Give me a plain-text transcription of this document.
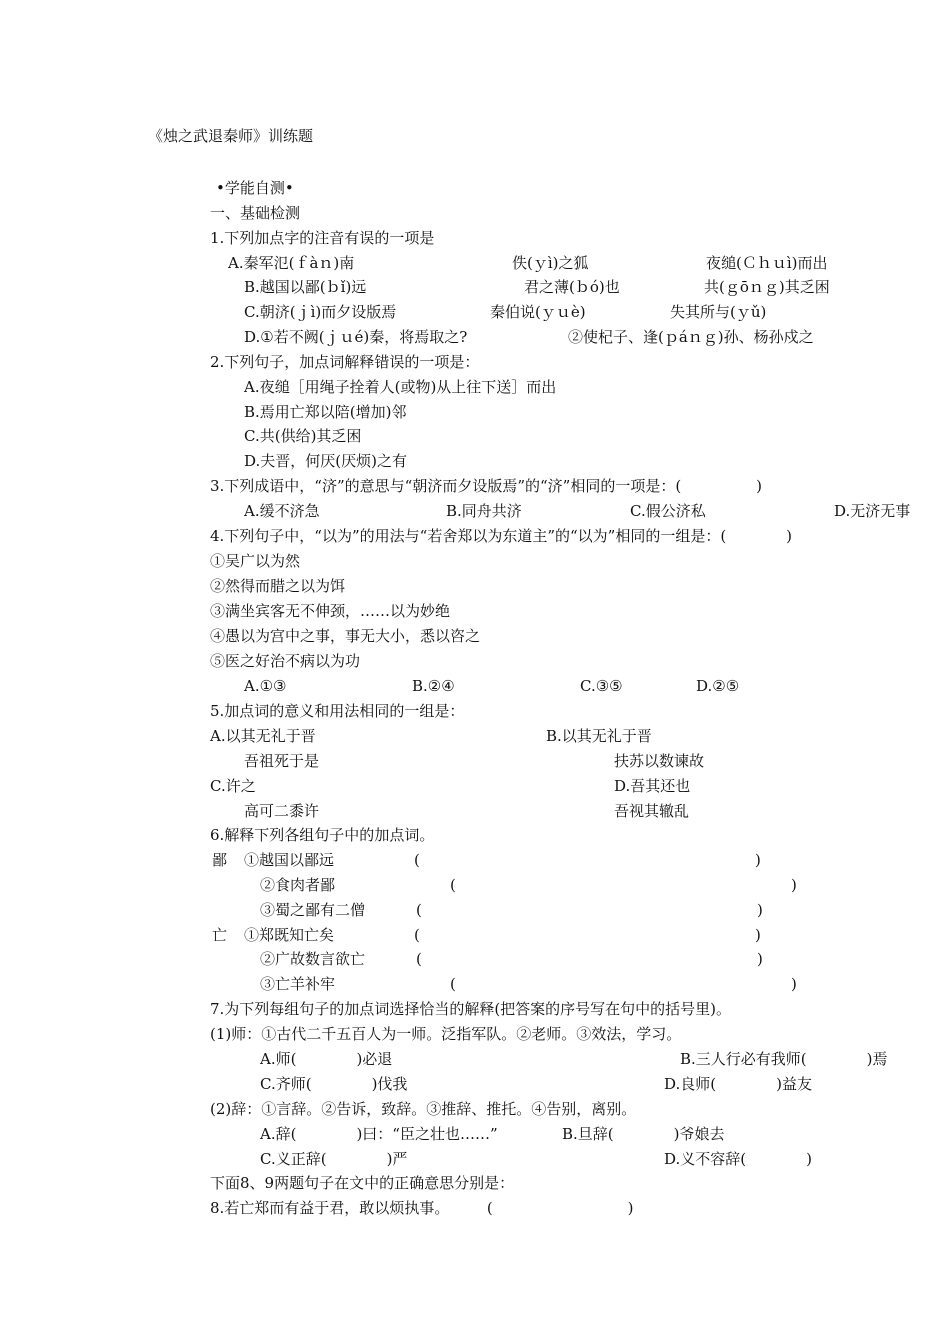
《烛之武退秦师》训练题
•学能自测•
一、基础检测
1.下列加点字的注音有误的一项是
A.秦军氾(ｆàｎ)南	佚(ｙì)之狐	夜缒(Ｃｈｕì)而出
B.越国以鄙(ｂǐ)远	君之薄(ｂó)也	共(ｇōｎｇ)其乏困
C.朝济(ｊì)而夕设版焉	秦伯说(ｙｕè)	失其所与(ｙǔ)
D.①若不阙(ｊｕé)秦，将焉取之?	②使杞子、逢(ｐáｎｇ)孙、杨孙戍之
2.下列句子，加点词解释错误的一项是：
A.夜缒［用绳子拴着人(或物)从上往下送］而出
B.焉用亡郑以陪(增加)邻
C.共(供给)其乏困
D.夫晋，何厌(厌烦)之有
3.下列成语中，“济”的意思与“朝济而夕设版焉”的“济”相同的一项是：(　　　　　)
A.缓不济急	B.同舟共济	C.假公济私	D.无济无事
4.下列句子中，“以为”的用法与“若舍郑以为东道主”的“以为”相同的一组是：(　　　　)
①吴广以为然
②然得而腊之以为饵
③满坐宾客无不伸颈，……以为妙绝
④愚以为宫中之事，事无大小，悉以咨之
⑤医之好治不病以为功
A.①③	B.②④	C.③⑤	D.②⑤
5.加点词的意义和用法相同的一组是：
A.以其无礼于晋	B.以其无礼于晋
吾祖死于是	扶苏以数谏故
C.许之	D.吾其还也
高可二黍许	吾视其辙乱
6.解释下列各组句子中的加点词。
鄙 ①越国以鄙远	(	)
②食肉者鄙	(	)
③蜀之鄙有二僧	(	)
亡 ①郑既知亡矣	(	)
②广故数言欲亡	(	)
③亡羊补牢	(	)
7.为下列每组句子的加点词选择恰当的解释(把答案的序号写在句中的括号里)。
(1)师：①古代二千五百人为一师。泛指军队。②老师。③效法，学习。
A.师(　　　　)必退	B.三人行必有我师(　　　　)焉
C.齐师(　　　　)伐我	D.良师(　　　　)益友
(2)辞：①言辞。②告诉，致辞。③推辞、推托。④告别，离别。
A.辞(　　　　)曰：“臣之壮也……”	B.旦辞(　　　　)爷娘去
C.义正辞(　　　　)严	D.义不容辞(　　　　)
下面8、9两题句子在文中的正确意思分别是：
8.若亡郑而有益于君，敢以烦执事。　　　(　　　　　　　　　)
